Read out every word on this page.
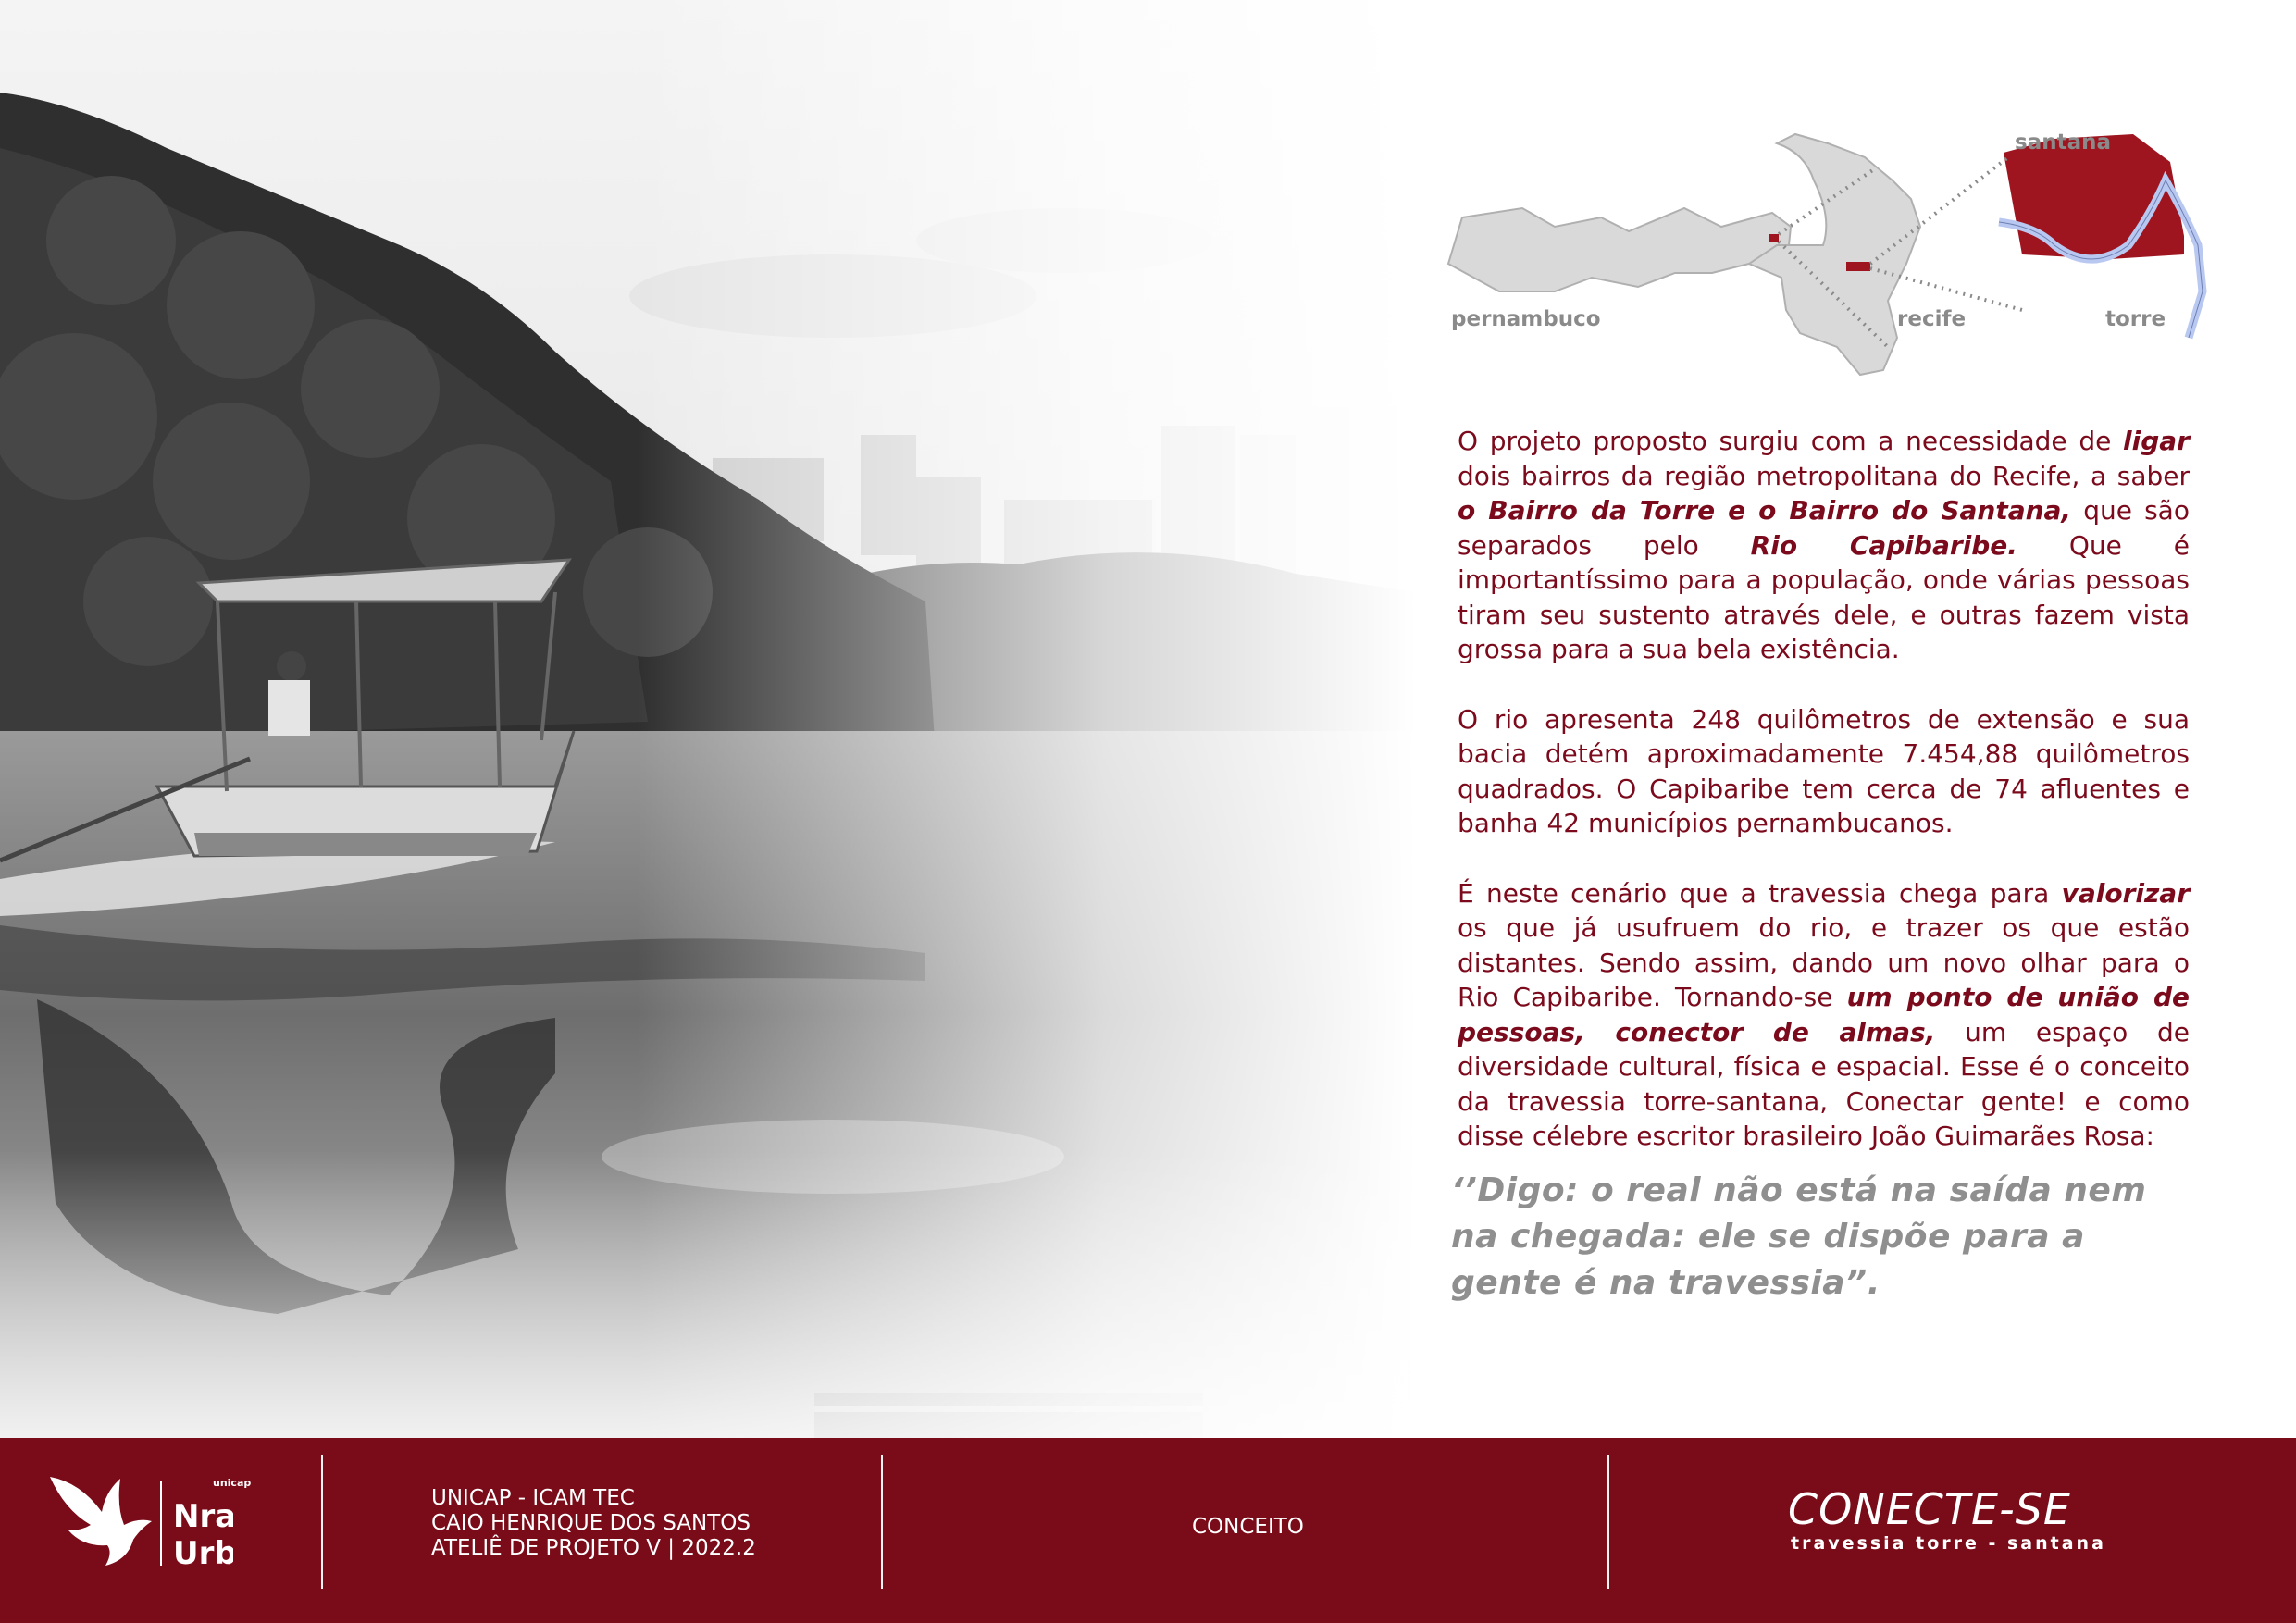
pernambuco	recife
santana
torre

O projeto proposto surgiu com a necessidade de ligar dois bairros da região metropolitana do Recife, a saber o Bairro da Torre e o Bairro do Santana, que são separados pelo Rio Capibaribe. Que é importantíssimo para a população, onde várias pessoas tiram seu sustento através dele, e outras fazem vista grossa para a sua bela existência.

O rio apresenta 248 quilômetros de extensão e sua bacia detém aproximadamente 7.454,88 quilômetros quadrados. O Capibaribe tem cerca de 74 afluentes e banha 42 municípios pernambucanos.

É neste cenário que a travessia chega para valorizar os que já usufruem do rio, e trazer os que estão distantes. Sendo assim, dando um novo olhar para o Rio Capibaribe. Tornando-se um ponto de união de pessoas, conector de almas, um espaço de diversidade cultural, física e espacial. Esse é o conceito da travessia torre-santana, Conectar gente! e como disse célebre escritor brasileiro João Guimarães Rosa:

‘’Digo: o real não está na saída nem na chegada: ele se dispõe para a gente é na travessia”.
Nra
Urb
unicap
UNICAP - ICAM TEC
CAIO HENRIQUE DOS SANTOS
ATELIÊ DE PROJETO V | 2022.2
CONCEITO	CONECTE-SE
travessia torre - santana
